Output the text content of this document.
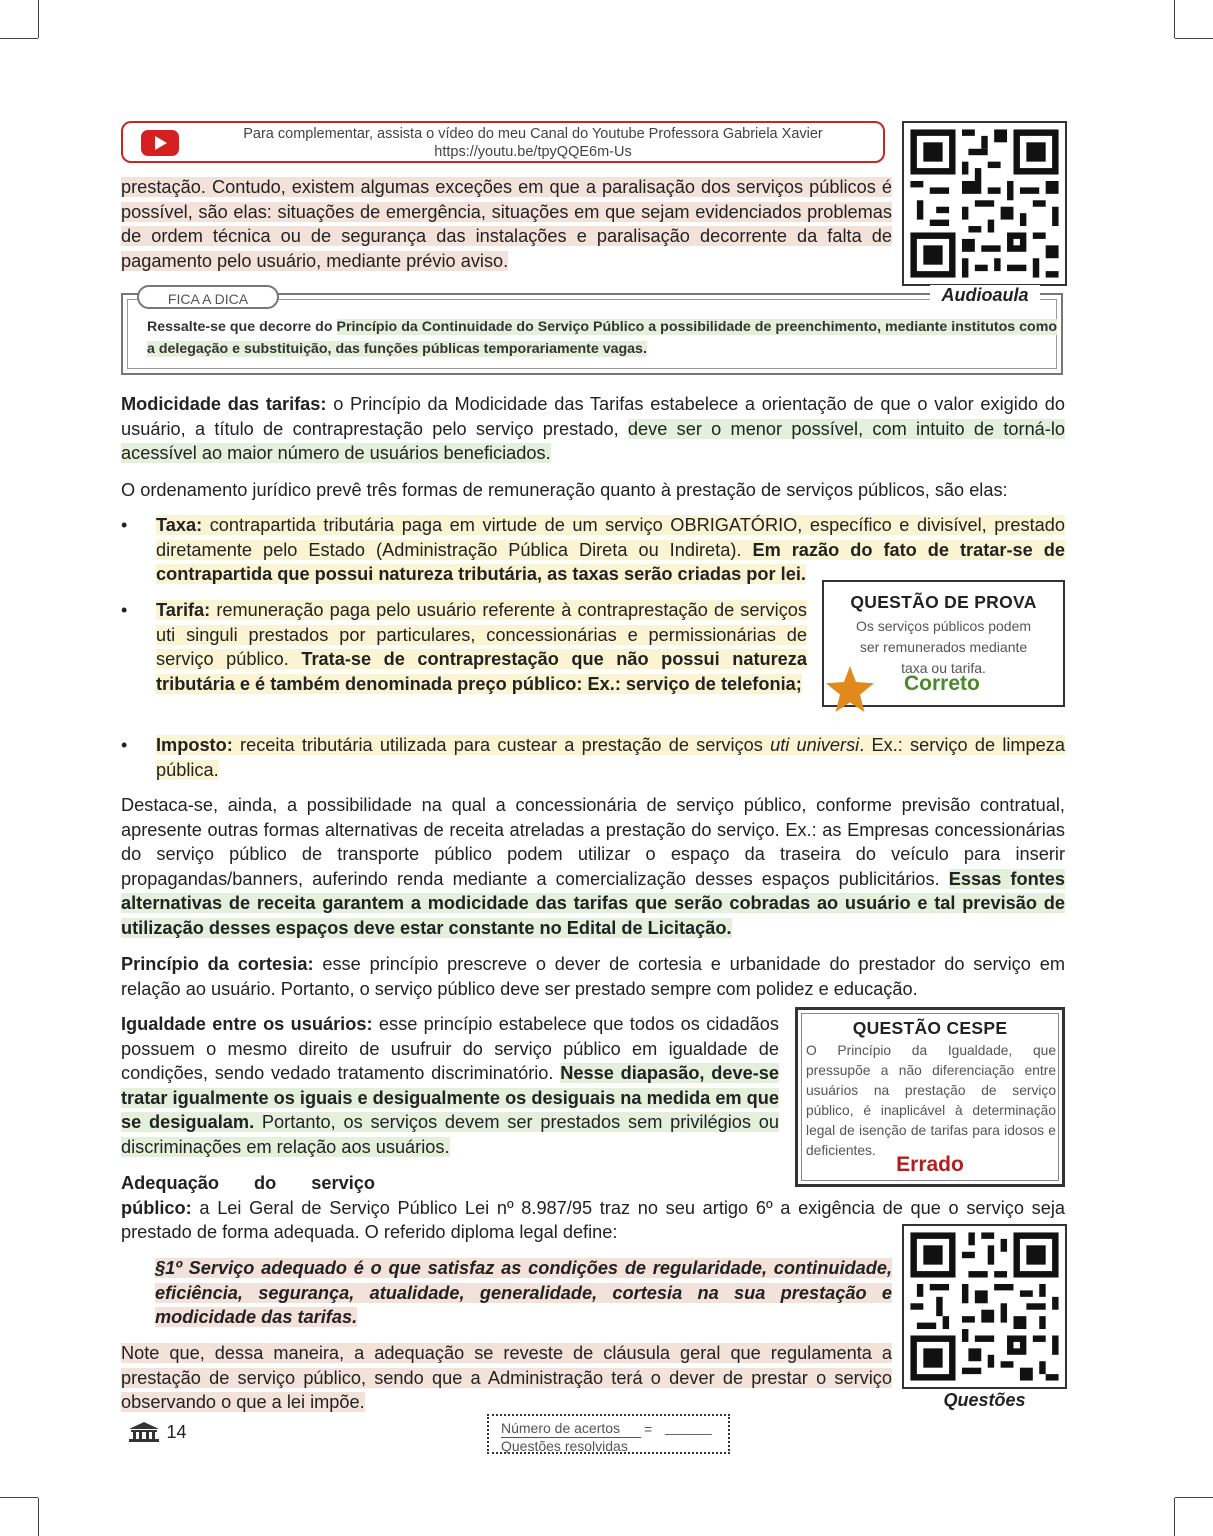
Para complementar, assista o vídeo do meu Canal do Youtube Professora Gabriela Xavier
https://youtu.be/tpyQQE6m-Us
Audioaula
prestação. Contudo, existem algumas exceções em que a paralisação dos serviços públicos é possível, são elas: situações de emergência, situações em que sejam evidenciados problemas de ordem técnica ou de segurança das instalações e paralisação decorrente da falta de pagamento pelo usuário, mediante prévio aviso.
FICA A DICA
Ressalte-se que decorre do Princípio da Continuidade do Serviço Público a possibilidade de preenchimento, mediante institutos como a delegação e substituição, das funções públicas temporariamente vagas.
Modicidade das tarifas: o Princípio da Modicidade das Tarifas estabelece a orientação de que o valor exigido do usuário, a título de contraprestação pelo serviço prestado, deve ser o menor possível, com intuito de torná-lo acessível ao maior número de usuários beneficiados.
O ordenamento jurídico prevê três formas de remuneração quanto à prestação de serviços públicos, são elas:
• Taxa: contrapartida tributária paga em virtude de um serviço OBRIGATÓRIO, específico e divisível, prestado diretamente pelo Estado (Administração Pública Direta ou Indireta). Em razão do fato de tratar-se de contrapartida que possui natureza tributária, as taxas serão criadas por lei.
• Tarifa: remuneração paga pelo usuário referente à contraprestação de serviços uti singuli prestados por particulares, concessionárias e permissionárias de serviço público. Trata-se de contraprestação que não possui natureza tributária e é também denominada preço público: Ex.: serviço de telefonia;
QUESTÃO DE PROVA
Os serviços públicos podem ser remunerados mediante taxa ou tarifa.
Correto
• Imposto: receita tributária utilizada para custear a prestação de serviços uti universi. Ex.: serviço de limpeza pública.
Destaca-se, ainda, a possibilidade na qual a concessionária de serviço público, conforme previsão contratual, apresente outras formas alternativas de receita atreladas a prestação do serviço. Ex.: as Empresas concessionárias do serviço público de transporte público podem utilizar o espaço da traseira do veículo para inserir propagandas/banners, auferindo renda mediante a comercialização desses espaços publicitários. Essas fontes alternativas de receita garantem a modicidade das tarifas que serão cobradas ao usuário e tal previsão de utilização desses espaços deve estar constante no Edital de Licitação.
Princípio da cortesia: esse princípio prescreve o dever de cortesia e urbanidade do prestador do serviço em relação ao usuário. Portanto, o serviço público deve ser prestado sempre com polidez e educação.
Igualdade entre os usuários: esse princípio estabelece que todos os cidadãos possuem o mesmo direito de usufruir do serviço público em igualdade de condições, sendo vedado tratamento discriminatório. Nesse diapasão, deve-se tratar igualmente os iguais e desigualmente os desiguais na medida em que se desigualam. Portanto, os serviços devem ser prestados sem privilégios ou discriminações em relação aos usuários.
QUESTÃO CESPE
O Princípio da Igualdade, que pressupõe a não diferenciação entre usuários na prestação de serviço público, é inaplicável à determinação legal de isenção de tarifas para idosos e deficientes.
Errado
Adequação do serviço público: a Lei Geral de Serviço Público Lei nº 8.987/95 traz no seu artigo 6º a exigência de que o serviço seja prestado de forma adequada. O referido diploma legal define:
§1º Serviço adequado é o que satisfaz as condições de regularidade, continuidade, eficiência, segurança, atualidade, generalidade, cortesia na sua prestação e modicidade das tarifas.
Note que, dessa maneira, a adequação se reveste de cláusula geral que regulamenta a prestação de serviço público, sendo que a Administração terá o dever de prestar o serviço observando o que a lei impõe.	Questões
14	Número de acertos
Questões resolvidas
= ______
